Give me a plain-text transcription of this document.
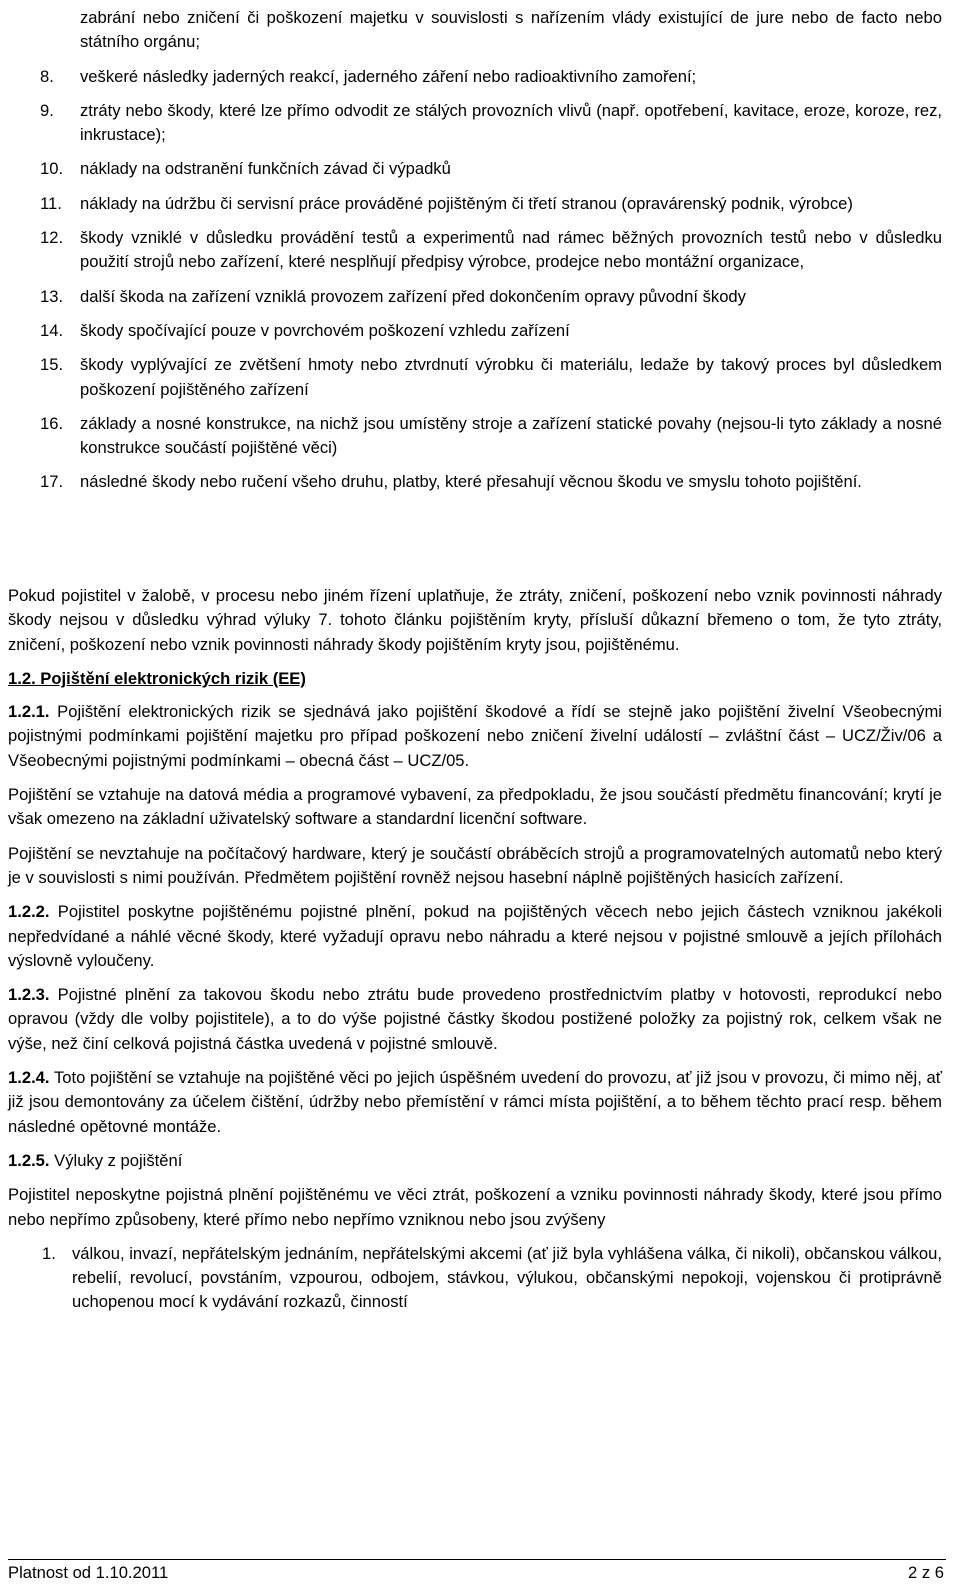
zabrání nebo zničení či poškození majetku v souvislosti s nařízením vlády existující de jure nebo de facto nebo státního orgánu;
8.	veškeré následky jaderných reakcí, jaderného záření nebo radioaktivního zamoření;
9.	ztráty nebo škody, které lze přímo odvodit ze stálých provozních vlivů (např. opotřebení, kavitace, eroze, koroze, rez, inkrustace);
10.	náklady na odstranění funkčních závad či výpadků
11.	náklady na údržbu či servisní práce prováděné pojištěným či třetí stranou (opravárenský podnik, výrobce)
12.	škody vzniklé v důsledku provádění testů a experimentů nad rámec běžných provozních testů nebo v důsledku použití strojů nebo zařízení, které nesplňují předpisy výrobce, prodejce nebo montážní organizace,
13.	další škoda na zařízení vzniklá provozem zařízení před dokončením opravy původní škody
14.	škody spočívající pouze v povrchovém poškození vzhledu zařízení
15.	škody vyplývající ze zvětšení hmoty nebo ztvrdnutí výrobku či materiálu, ledaže by takový proces byl důsledkem poškození pojištěného zařízení
16.	základy a nosné konstrukce, na nichž jsou umístěny stroje a zařízení statické povahy (nejsou-li tyto základy a nosné konstrukce součástí pojištěné věci)
17.	následné škody nebo ručení všeho druhu, platby, které přesahují věcnou škodu ve smyslu tohoto pojištění.

Pokud pojistitel v žalobě, v procesu nebo jiném řízení uplatňuje, že ztráty, zničení, poškození nebo vznik povinnosti náhrady škody nejsou v důsledku výhrad výluky 7. tohoto článku pojištěním kryty, přísluší důkazní břemeno o tom, že tyto ztráty, zničení, poškození nebo vznik povinnosti náhrady škody pojištěním kryty jsou, pojištěnému.

1.2. Pojištění elektronických rizik (EE)

1.2.1. Pojištění elektronických rizik se sjednává jako pojištění škodové a řídí se stejně jako pojištění živelní Všeobecnými pojistnými podmínkami pojištění majetku pro případ poškození nebo zničení živelní událostí – zvláštní část – UCZ/Živ/06 a Všeobecnými pojistnými podmínkami – obecná část – UCZ/05.

Pojištění se vztahuje na datová média a programové vybavení, za předpokladu, že jsou součástí předmětu financování; krytí je však omezeno na základní uživatelský software a standardní licenční software.

Pojištění se nevztahuje na počítačový hardware, který je součástí obráběcích strojů a programovatelných automatů nebo který je v souvislosti s nimi používán. Předmětem pojištění rovněž nejsou hasební náplně pojištěných hasicích zařízení.

1.2.2. Pojistitel poskytne pojištěnému pojistné plnění, pokud na pojištěných věcech nebo jejich částech vzniknou jakékoli nepředvídané a náhlé věcné škody, které vyžadují opravu nebo náhradu a které nejsou v pojistné smlouvě a jejích přílohách výslovně vyloučeny.

1.2.3. Pojistné plnění za takovou škodu nebo ztrátu bude provedeno prostřednictvím platby v hotovosti, reprodukcí nebo opravou (vždy dle volby pojistitele), a to do výše pojistné částky škodou postižené položky za pojistný rok, celkem však ne výše, než činí celková pojistná částka uvedená v pojistné smlouvě.

1.2.4. Toto pojištění se vztahuje na pojištěné věci po jejich úspěšném uvedení do provozu, ať již jsou v provozu, či mimo něj, ať již jsou demontovány za účelem čištění, údržby nebo přemístění v rámci místa pojištění, a to během těchto prací resp. během následné opětovné montáže.

1.2.5. Výluky z pojištění

Pojistitel neposkytne pojistná plnění pojištěnému ve věci ztrát, poškození a vzniku povinnosti náhrady škody, které jsou přímo nebo nepřímo způsobeny, které přímo nebo nepřímo vzniknou nebo jsou zvýšeny

1. válkou, invazí, nepřátelským jednáním, nepřátelskými akcemi (ať již byla vyhlášena válka, či nikoli), občanskou válkou, rebelií, revolucí, povstáním, vzpourou, odbojem, stávkou, výlukou, občanskými nepokoji, vojenskou či protiprávně uchopenou mocí k vydávání rozkazů, činností
Platnost od 1.10.2011	2 z 6
